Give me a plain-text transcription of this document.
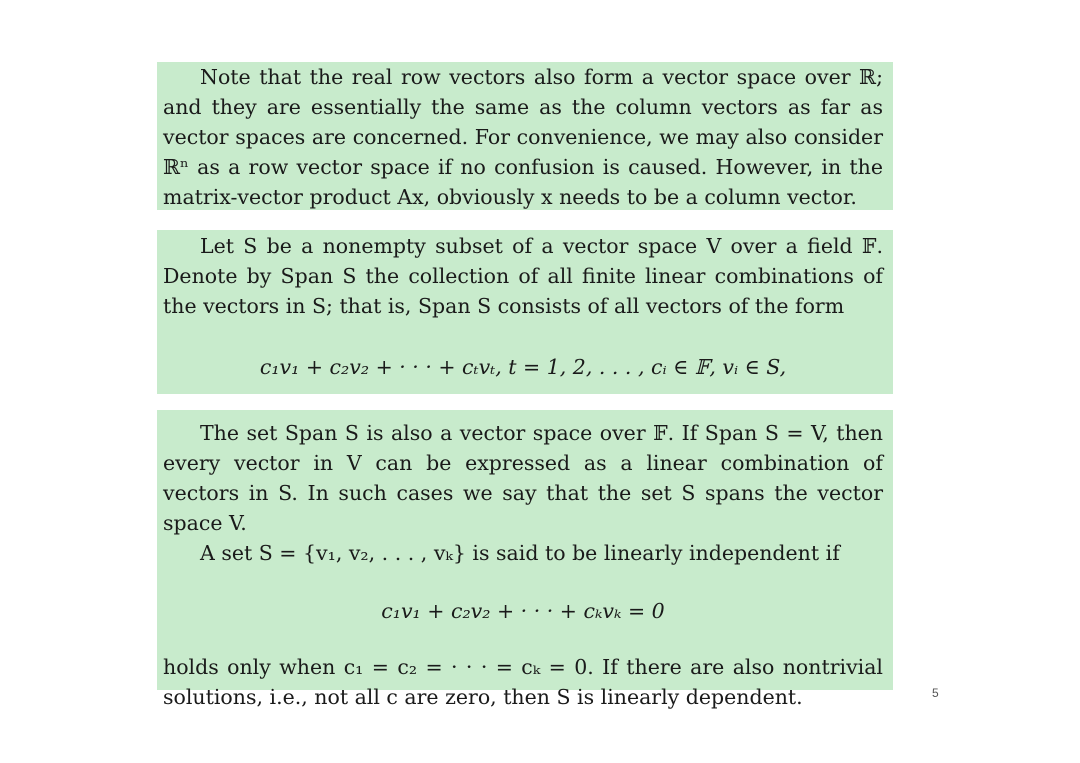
Note that the real row vectors also form a vector space over ℝ; and they are essentially the same as the column vectors as far as vector spaces are concerned. For convenience, we may also consider ℝⁿ as a row vector space if no confusion is caused. However, in the matrix-vector product Ax, obviously x needs to be a column vector.
Let S be a nonempty subset of a vector space V over a field 𝔽. Denote by Span S the collection of all finite linear combinations of the vectors in S; that is, Span S consists of all vectors of the form
c₁v₁ + c₂v₂ + · · · + cₜvₜ, t = 1, 2, . . . , cᵢ ∈ 𝔽, vᵢ ∈ S,
The set Span S is also a vector space over 𝔽. If Span S = V, then every vector in V can be expressed as a linear combination of vectors in S. In such cases we say that the set S spans the vector space V.
A set S = {v₁, v₂, . . . , vₖ} is said to be linearly independent if
c₁v₁ + c₂v₂ + · · · + cₖvₖ = 0
holds only when c₁ = c₂ = · · · = cₖ = 0. If there are also nontrivial solutions, i.e., not all c are zero, then S is linearly dependent.	5
